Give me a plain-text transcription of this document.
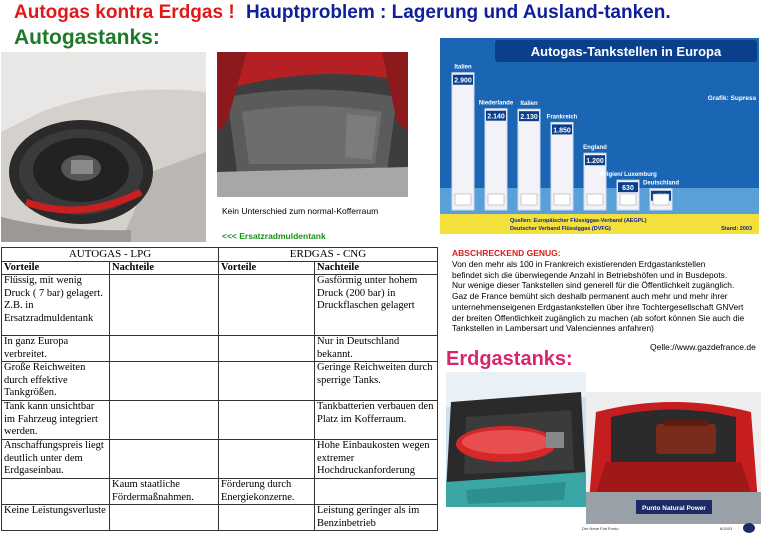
Autogas kontra Erdgas ! Hauptproblem : Lagerung und Ausland-tanken.
Autogastanks:
Kein Unterschied zum normal-Kofferraum
<<< Ersatzradmuldentank
Autogas-Tankstellen in Europa
Grafik: Supress
2.900
Italien
2.140
Niederlande
2.130
Italien
1.850
Frankreich
1.200
England
630
Belgien/ Luxemburg
Deutschland
Quellen: Europäischer Flüssiggas-Verband (AEGPL)
Deutscher Verband Flüssiggas (DVFG)	Stand: 2003
AUTOGAS - LPG		ERDGAS - CNG	
Vorteile	Nachteile	Vorteile	Nachteile
Flüssig, mit wenig Druck ( 7 bar) gelagert. Z.B. in Ersatzradmuldentank			Gasförmig unter hohem Druck (200 bar) in Druckflaschen gelagert
In ganz Europa verbreitet.			Nur in Deutschland bekannt.
Große Reichweiten durch effektive Tankgrößen.			Geringe Reichweiten durch sperrige Tanks.
Tank kann unsichtbar im Fahrzeug integriert werden.			Tankbatterien verbauen den Platz im Kofferraum.
Anschaffungspreis liegt deutlich unter dem Erdgaseinbau.			Hohe Einbaukosten wegen extremer Hochdruckanforderung
	Kaum staatliche Fördermaßnahmen.	Förderung durch Energiekonzerne.	
Keine Leistungsverluste			Leistung geringer als im Benzinbetrieb
ABSCHRECKEND GENUG:
Von den mehr als 100 in Frankreich existierenden Erdgastankstellen
befindet sich die überwiegende Anzahl in Betriebshöfen und in Busdepots.
Nur wenige dieser Tankstellen sind generell für die Öffentlichkeit zugänglich.
Gaz de France bemüht sich deshalb permanent auch mehr und mehr ihrer
unternehmenseigenen Erdgastankstellen über ihre Tochtergesellschaft GNVert
der breiten Öffentlichkeit zugänglich zu machen (ab sofort können Sie auch die
Tankstellen in Lambersart und Valenciennes anfahren)
Qelle://www.gazdefrance.de
Erdgastanks:
Punto Natural Power
Der Neue Fiat Punto	6/2003
